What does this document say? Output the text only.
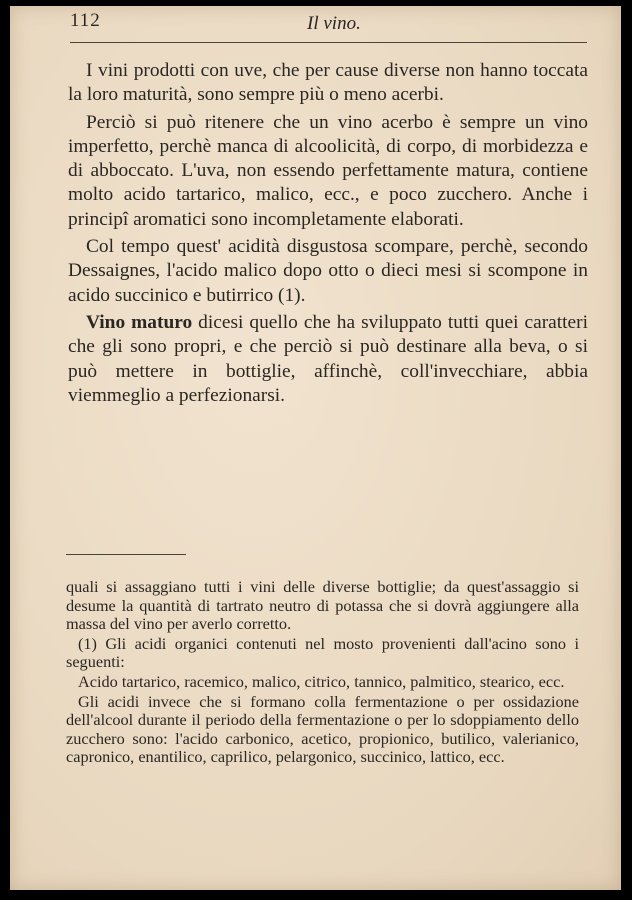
112	Il vino.

I vini prodotti con uve, che per cause diverse non hanno toccata la loro maturità, sono sempre più o meno acerbi.

Perciò si può ritenere che un vino acerbo è sempre un vino imperfetto, perchè manca di alcoolicità, di corpo, di morbidezza e di abboccato. L'uva, non essendo perfettamente matura, contiene molto acido tartarico, malico, ecc., e poco zucchero. Anche i principî aromatici sono incompletamente elaborati.

Col tempo quest' acidità disgustosa scompare, perchè, secondo Dessaignes, l'acido malico dopo otto o dieci mesi si scompone in acido succinico e butirrico (1).

Vino maturo dicesi quello che ha sviluppato tutti quei caratteri che gli sono propri, e che perciò si può destinare alla beva, o si può mettere in bottiglie, affinchè, coll'invecchiare, abbia viemmeglio a perfezionarsi.

quali si assaggiano tutti i vini delle diverse bottiglie; da quest'assaggio si desume la quantità di tartrato neutro di potassa che si dovrà aggiungere alla massa del vino per averlo corretto.

(1) Gli acidi organici contenuti nel mosto provenienti dall'acino sono i seguenti:

Acido tartarico, racemico, malico, citrico, tannico, palmitico, stearico, ecc.

Gli acidi invece che si formano colla fermentazione o per ossidazione dell'alcool durante il periodo della fermentazione o per lo sdoppiamento dello zucchero sono: l'acido carbonico, acetico, propionico, butilico, valerianico, capronico, enantilico, caprilico, pelargonico, succinico, lattico, ecc.
